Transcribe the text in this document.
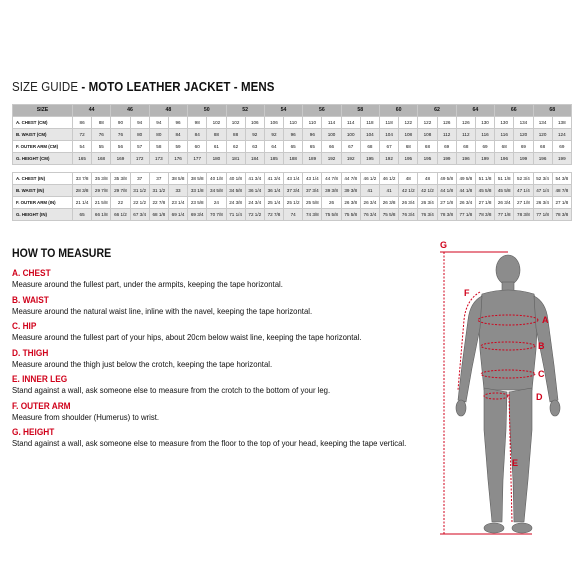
SIZE GUIDE - MOTO LEATHER JACKET - MENS
SIZE	44		46		48		50		52		54		56		58		60		62		64		66		68	
A. CHEST (CM)	86	88	90	94	94	96	98	102	102	106	106	110	110	114	114	118	118	122	122	126	126	130	130	134	134	138
B. WAIST (CM)	72	76	76	80	80	84	84	88	88	92	92	96	96	100	100	104	104	108	108	112	112	116	116	120	120	124
F. OUTER ARM (CM)	54	55	56	57	58	59	60	61	62	63	64	65	65	66	67	68	67	68	68	69	68	69	68	69	68	69
G. HEIGHT (CM)	165	168	169	172	173	176	177	180	181	184	185	188	189	192	192	195	192	195	195	199	196	199	196	199	196	199

A. CHEST (IN)	33 7/8	35 3/8	35 3/8	37	37	38 5/8	38 5/8	40 1/8	40 1/8	41 3/4	41 3/4	43 1/4	43 1/4	44 7/8	44 7/8	46 1/2	46 1/2	48	48	49 5/8	49 5/8	51 1/8	51 1/8	52 3/4	52 3/4	54 3/8
B. WAIST (IN)	28 3/8	29 7/8	29 7/8	31 1/2	31 1/2	33	33 1/8	34 5/8	34 5/8	36 1/4	36 1/4	37 3/4	37 3/4	39 3/8	39 3/8	41	41	42 1/2	42 1/2	44 1/8	44 1/8	45 5/8	45 5/8	47 1/4	47 1/4	48 7/8
F. OUTER ARM (IN)	21 1/4	21 5/8	22	22 1/2	22 7/8	23 1/4	23 5/8	24	24 3/8	24 3/4	25 1/4	25 1/2	25 5/8	26	26 3/8	26 3/4	26 3/8	26 3/4	26 3/4	27 1/8	26 3/4	27 1/8	26 3/4	27 1/8	26 3/4	27 1/8
G. HEIGHT (IN)	65	66 1/8	66 1/2	67 3/4	68 1/8	69 1/4	69 3/4	70 7/8	71 1/4	72 1/2	72 7/8	74	74 3/8	75 5/8	75 5/8	76 3/4	75 5/8	76 3/4	76 3/4	78 3/8	77 1/8	78 3/8	77 1/8	78 3/8	77 1/8	78 3/8
HOW TO MEASURE
A. CHEST
Measure around the fullest part, under the armpits, keeping the tape horizontal.
B. WAIST
Measure around the natural waist line, inline with the navel, keeping the tape horizontal.
C. HIP
Measure around the fullest part of your hips, about 20cm below waist line, keeping the tape horizontal.
D. THIGH
Measure around the thigh just below the crotch, keeping the tape horizontal.
E. INNER LEG
Stand against a wall, ask someone else to measure from the crotch to the bottom of your leg.
F. OUTER ARM
Measure from shoulder (Humerus) to wrist.
G. HEIGHT
Stand against a wall, ask someone else to measure from the floor to the top of your head, keeping the tape vertical.
A
B
C
D
E
F
G
